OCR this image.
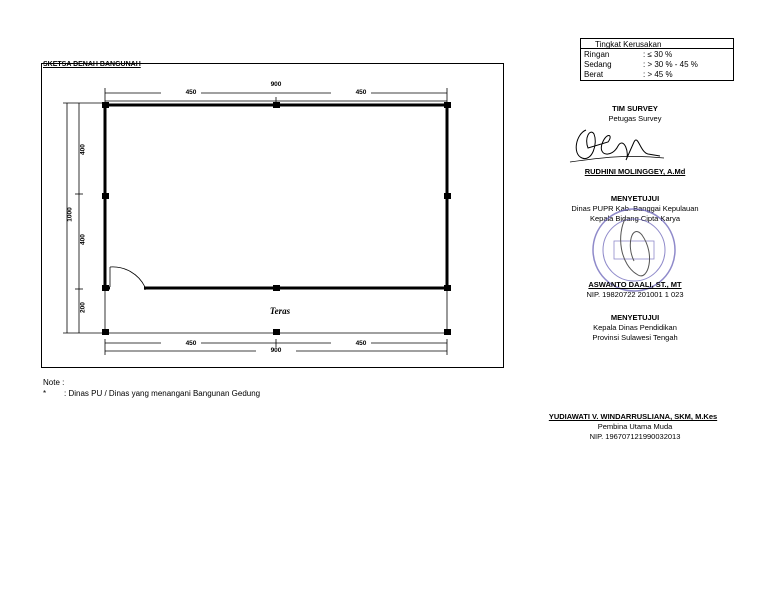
SKETSA DENAH BANGUNAH
900
450	450
450	450
900
1000
400
400
200	Teras
Tingkat Kerusakan
Ringan	: ≤ 30 %
Sedang	: > 30 % - 45 %
Berat	: > 45 %
TIM SURVEY
Petugas Survey
RUDHINI MOLINGGEY, A.Md
MENYETUJUI
Dinas PUPR Kab. Banggai Kepulauan
Kepala Bidang Cipta Karya
ASWANTO DAALI, ST., MT
NIP. 19820722 201001 1 023
MENYETUJUI
Kepala Dinas Pendidikan
Provinsi Sulawesi Tengah
YUDIAWATI V. WINDARRUSLIANA, SKM, M.Kes
Pembina Utama Muda
NIP. 196707121990032013
Note :
* : Dinas PU / Dinas yang menangani Bangunan Gedung
